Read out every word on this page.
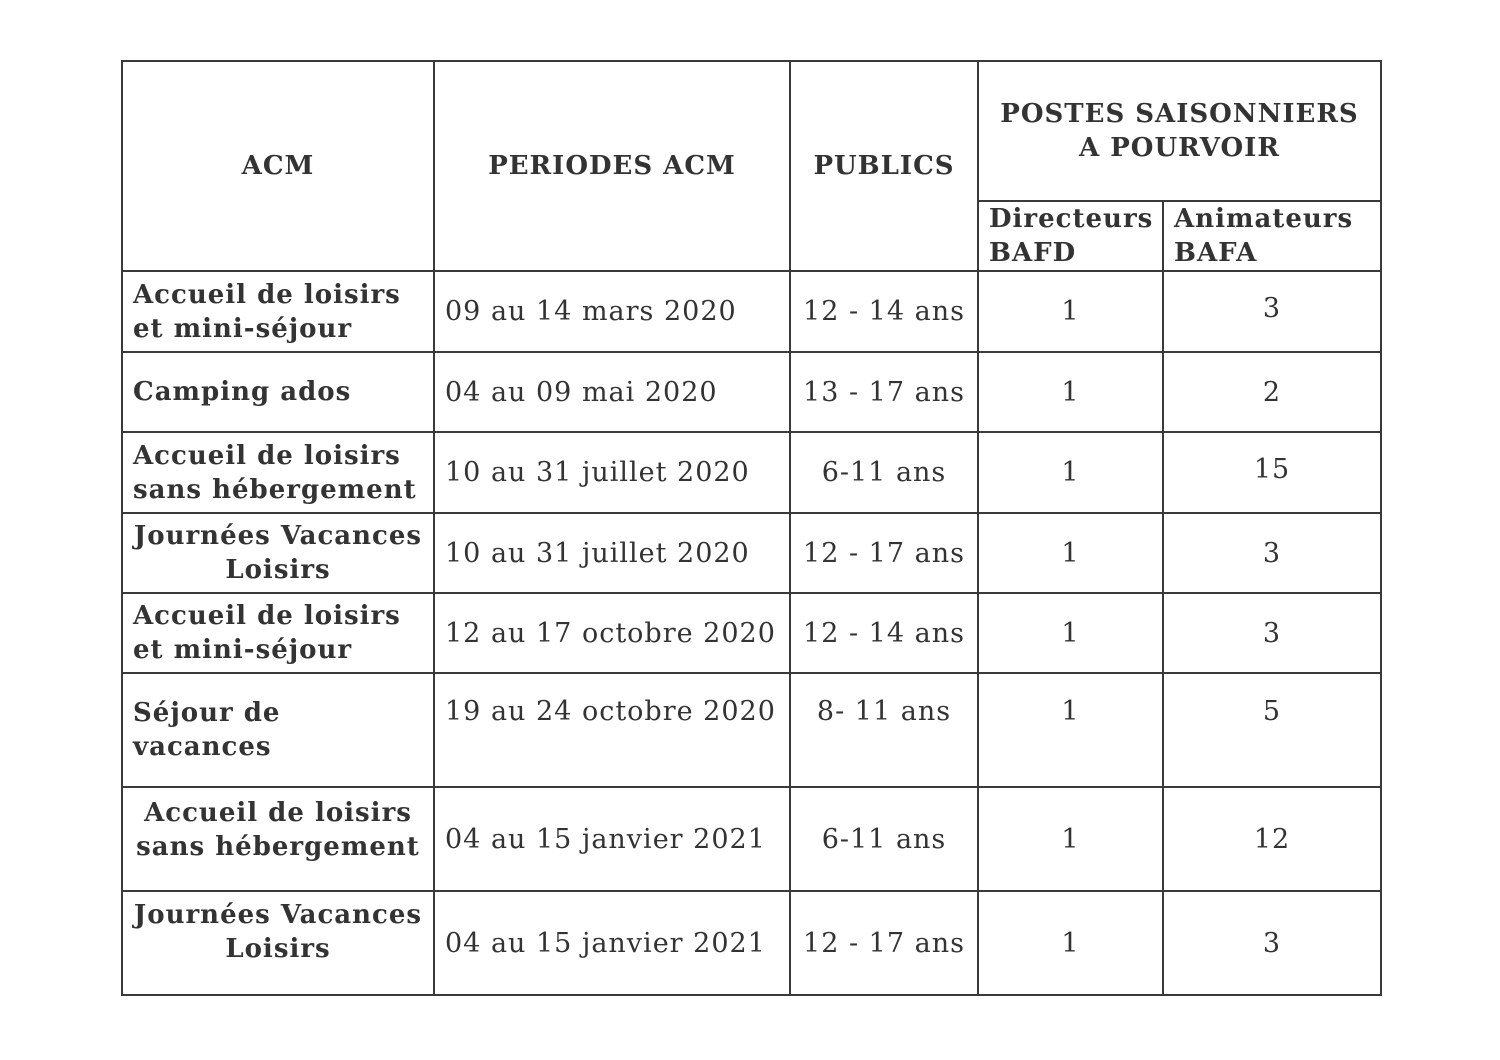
ACM	PERIODES ACM	PUBLICS	POSTES SAISONNIERS A POURVOIR	
			Directeurs BAFD	Animateurs BAFA
Accueil de loisirs et mini-séjour	09 au 14 mars 2020	12 - 14 ans	1	3
Camping ados	04 au 09 mai 2020	13 - 17 ans	1	2
Accueil de loisirs sans hébergement	10 au 31 juillet 2020	6-11 ans	1	15
Journées Vacances Loisirs	10 au 31 juillet 2020	12 - 17 ans	1	3
Accueil de loisirs et mini-séjour	12 au 17 octobre 2020	12 - 14 ans	1	3
Séjour de vacances	19 au 24 octobre 2020	8- 11 ans	1	5
Accueil de loisirs sans hébergement	04 au 15 janvier 2021	6-11 ans	1	12
Journées Vacances Loisirs	04 au 15 janvier 2021	12 - 17 ans	1	3
